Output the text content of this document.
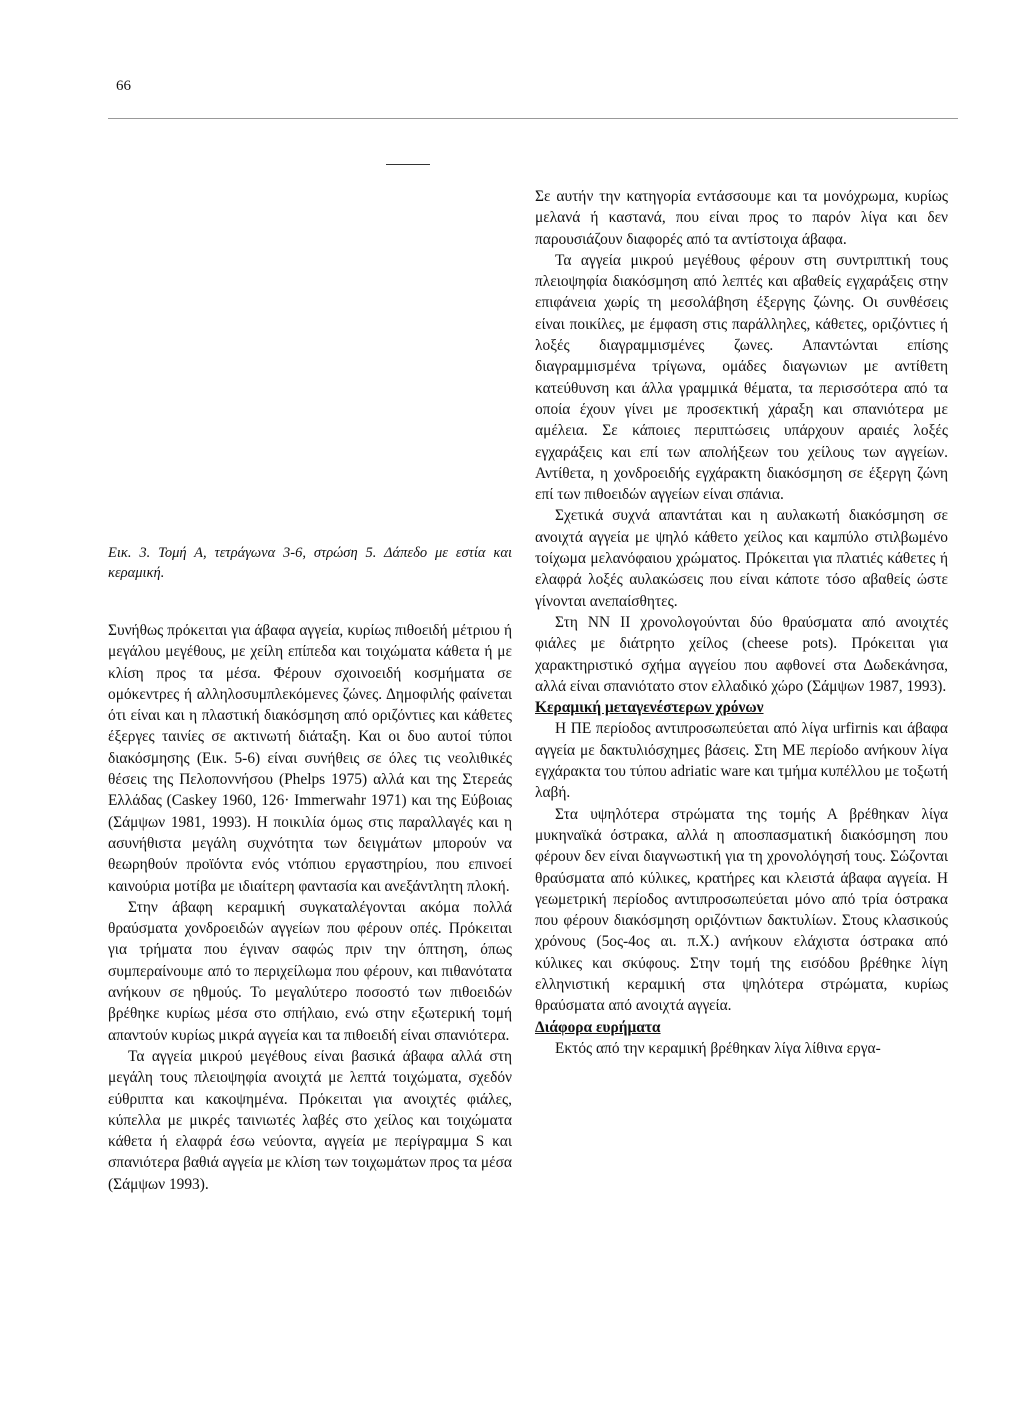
66
Εικ. 3. Τομή Α, τετράγωνα 3-6, στρώση 5. Δάπεδο με εστία και κεραμική.

Συνήθως πρόκειται για άβαφα αγγεία, κυρίως πιθοειδή μέτριου ή μεγάλου μεγέθους, με χείλη επίπεδα και τοιχώματα κάθετα ή με κλίση προς τα μέσα. Φέρουν σχοινοειδή κοσμήματα σε ομόκεντρες ή αλληλοσυμπλεκόμενες ζώνες. Δημοφιλής φαίνεται ότι είναι και η πλαστική διακόσμηση από οριζόντιες και κάθετες έξεργες ταινίες σε ακτινωτή διάταξη. Και οι δυο αυτοί τύποι διακόσμησης (Εικ. 5-6) είναι συνήθεις σε όλες τις νεολιθικές θέσεις της Πελοποννήσου (Phelps 1975) αλλά και της Στερεάς Ελλάδας (Caskey 1960, 126· Immerwahr 1971) και της Εύβοιας (Σάμψων 1981, 1993). Η ποικιλία όμως στις παραλλαγές και η ασυνήθιστα μεγάλη συχνότητα των δειγμάτων μπορούν να θεωρηθούν προϊόντα ενός ντόπιου εργαστηρίου, που επινοεί καινούρια μοτίβα με ιδιαίτερη φαντασία και ανεξάντλητη πλοκή.

Στην άβαφη κεραμική συγκαταλέγονται ακόμα πολλά θραύσματα χονδροειδών αγγείων που φέρουν οπές. Πρόκειται για τρήματα που έγιναν σαφώς πριν την όπτηση, όπως συμπεραίνουμε από το περιχείλωμα που φέρουν, και πιθανότατα ανήκουν σε ηθμούς. Το μεγαλύτερο ποσοστό των πιθοειδών βρέθηκε κυρίως μέσα στο σπήλαιο, ενώ στην εξωτερική τομή απαντούν κυρίως μικρά αγγεία και τα πιθοειδή είναι σπανιότερα.

Τα αγγεία μικρού μεγέθους είναι βασικά άβαφα αλλά στη μεγάλη τους πλειοψηφία ανοιχτά με λεπτά τοιχώματα, σχεδόν εύθριπτα και κακοψημένα. Πρόκειται για ανοιχτές φιάλες, κύπελλα με μικρές ταινιωτές λαβές στο χείλος και τοιχώματα κάθετα ή ελαφρά έσω νεύοντα, αγγεία με περίγραμμα S και σπανιότερα βαθιά αγγεία με κλίση των τοιχωμάτων προς τα μέσα (Σάμψων 1993).

Σε αυτήν την κατηγορία εντάσσουμε και τα μονόχρωμα, κυρίως μελανά ή καστανά, που είναι προς το παρόν λίγα και δεν παρουσιάζουν διαφορές από τα αντίστοιχα άβαφα.

Τα αγγεία μικρού μεγέθους φέρουν στη συντριπτική τους πλειοψηφία διακόσμηση από λεπτές και αβαθείς εγχαράξεις στην επιφάνεια χωρίς τη μεσολάβηση έξεργης ζώνης. Οι συνθέσεις είναι ποικίλες, με έμφαση στις παράλληλες, κάθετες, οριζόντιες ή λοξές διαγραμμισμένες ζωνες. Απαντώνται επίσης διαγραμμισμένα τρίγωνα, ομάδες διαγωνιων με αντίθετη κατεύθυνση και άλλα γραμμικά θέματα, τα περισσότερα από τα οποία έχουν γίνει με προσεκτική χάραξη και σπανιότερα με αμέλεια. Σε κάποιες περιπτώσεις υπάρχουν αραιές λοξές εγχαράξεις και επί των απολήξεων του χείλους των αγγείων. Αντίθετα, η χονδροειδής εγχάρακτη διακόσμηση σε έξεργη ζώνη επί των πιθοειδών αγγείων είναι σπάνια.

Σχετικά συχνά απαντάται και η αυλακωτή διακόσμηση σε ανοιχτά αγγεία με ψηλό κάθετο χείλος και καμπύλο στιλβωμένο τοίχωμα μελανόφαιου χρώματος. Πρόκειται για πλατιές κάθετες ή ελαφρά λοξές αυλακώσεις που είναι κάποτε τόσο αβαθείς ώστε γίνονται ανεπαίσθητες.

Στη ΝΝ ΙΙ χρονολογούνται δύο θραύσματα από ανοιχτές φιάλες με διάτρητο χείλος (cheese pots). Πρόκειται για χαρακτηριστικό σχήμα αγγείου που αφθονεί στα Δωδεκάνησα, αλλά είναι σπανιότατο στον ελλαδικό χώρο (Σάμψων 1987, 1993).

Κεραμική μεταγενέστερων χρόνων

Η ΠΕ περίοδος αντιπροσωπεύεται από λίγα urfirnis και άβαφα αγγεία με δακτυλιόσχημες βάσεις. Στη ΜΕ περίοδο ανήκουν λίγα εγχάρακτα του τύπου adriatic ware και τμήμα κυπέλλου με τοξωτή λαβή.

Στα υψηλότερα στρώματα της τομής Α βρέθηκαν λίγα μυκηναϊκά όστρακα, αλλά η αποσπασματική διακόσμηση που φέρουν δεν είναι διαγνωστική για τη χρονολόγησή τους. Σώζονται θραύσματα από κύλικες, κρατήρες και κλειστά άβαφα αγγεία. Η γεωμετρική περίοδος αντιπροσωπεύεται μόνο από τρία όστρακα που φέρουν διακόσμηση οριζόντιων δακτυλίων. Στους κλασικούς χρόνους (5ος-4ος αι. π.Χ.) ανήκουν ελάχιστα όστρακα από κύλικες και σκύφους. Στην τομή της εισόδου βρέθηκε λίγη ελληνιστική κεραμική στα ψηλότερα στρώματα, κυρίως θραύσματα από ανοιχτά αγγεία.

Διάφορα ευρήματα

Εκτός από την κεραμική βρέθηκαν λίγα λίθινα εργα-
